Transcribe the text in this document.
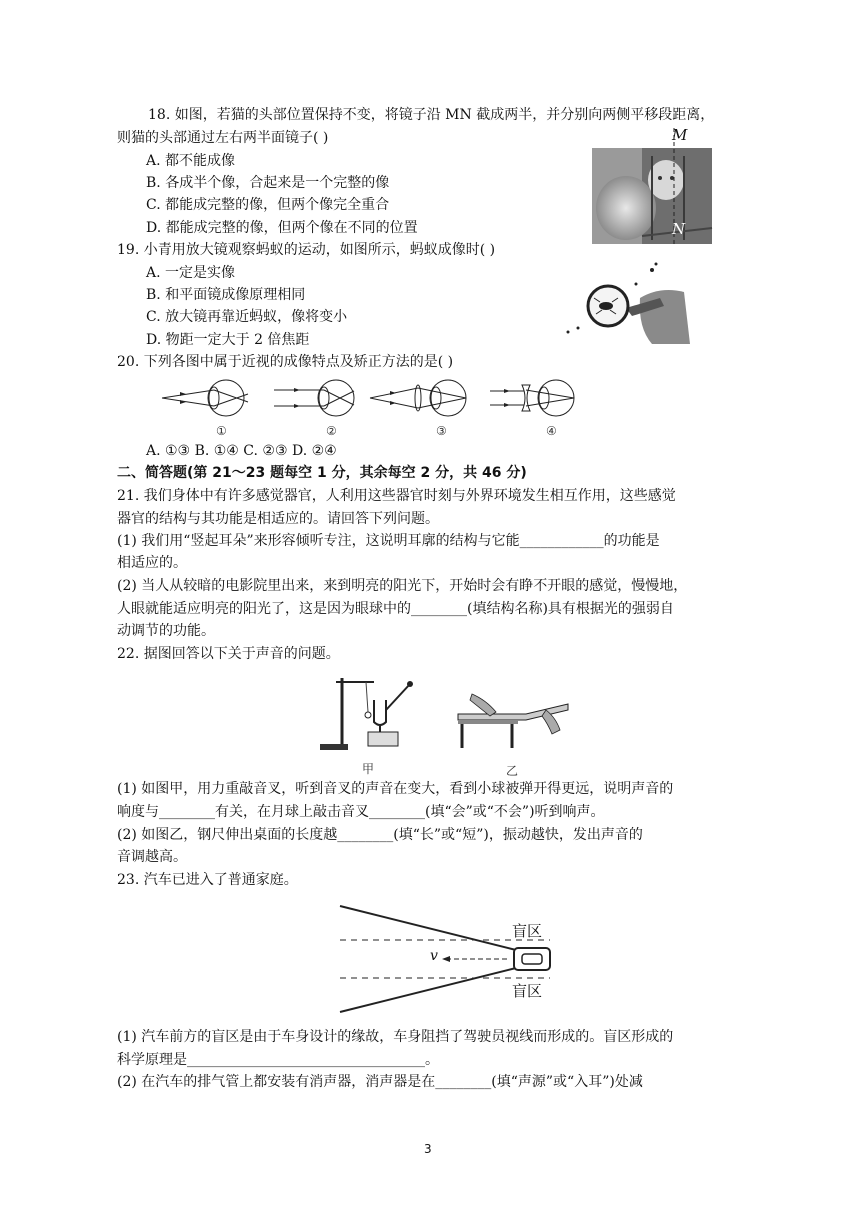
18. 如图，若猫的头部位置保持不变，将镜子沿 MN 截成两半，并分别向两侧平移段距离，
则猫的头部通过左右两半面镜子( )
A. 都不能成像
B. 各成半个像，合起来是一个完整的像
C. 都能成完整的像，但两个像完全重合
D. 都能成完整的像，但两个像在不同的位置
19. 小青用放大镜观察蚂蚁的运动，如图所示，蚂蚁成像时( )
A. 一定是实像
B. 和平面镜成像原理相同
C. 放大镜再靠近蚂蚁，像将变小
D. 物距一定大于 2 倍焦距
20. 下列各图中属于近视的成像特点及矫正方法的是( )
A. ①③ B. ①④ C. ②③ D. ②④
二、简答题(第 21～23 题每空 1 分，其余每空 2 分，共 46 分)
21. 我们身体中有许多感觉器官，人利用这些器官时刻与外界环境发生相互作用，这些感觉
器官的结构与其功能是相适应的。请回答下列问题。
(1) 我们用“竖起耳朵”来形容倾听专注，这说明耳廓的结构与它能____________的功能是
相适应的。
(2) 当人从较暗的电影院里出来，来到明亮的阳光下，开始时会有睁不开眼的感觉，慢慢地，
人眼就能适应明亮的阳光了，这是因为眼球中的________(填结构名称)具有根据光的强弱自
动调节的功能。
22. 据图回答以下关于声音的问题。
(1) 如图甲，用力重敲音叉，听到音叉的声音在变大，看到小球被弹开得更远，说明声音的
响度与________有关，在月球上敲击音叉________(填“会”或“不会”)听到响声。
(2) 如图乙，钢尺伸出桌面的长度越________(填“长”或“短”)，振动越快，发出声音的
音调越高。
23. 汽车已进入了普通家庭。
(1) 汽车前方的盲区是由于车身设计的缘故，车身阻挡了驾驶员视线而形成的。盲区形成的
科学原理是__________________________________。
(2) 在汽车的排气管上都安装有消声器，消声器是在________(填“声源”或“入耳”)处减
M
N
①	②	③	④
甲	乙
盲区
盲区
v
3
